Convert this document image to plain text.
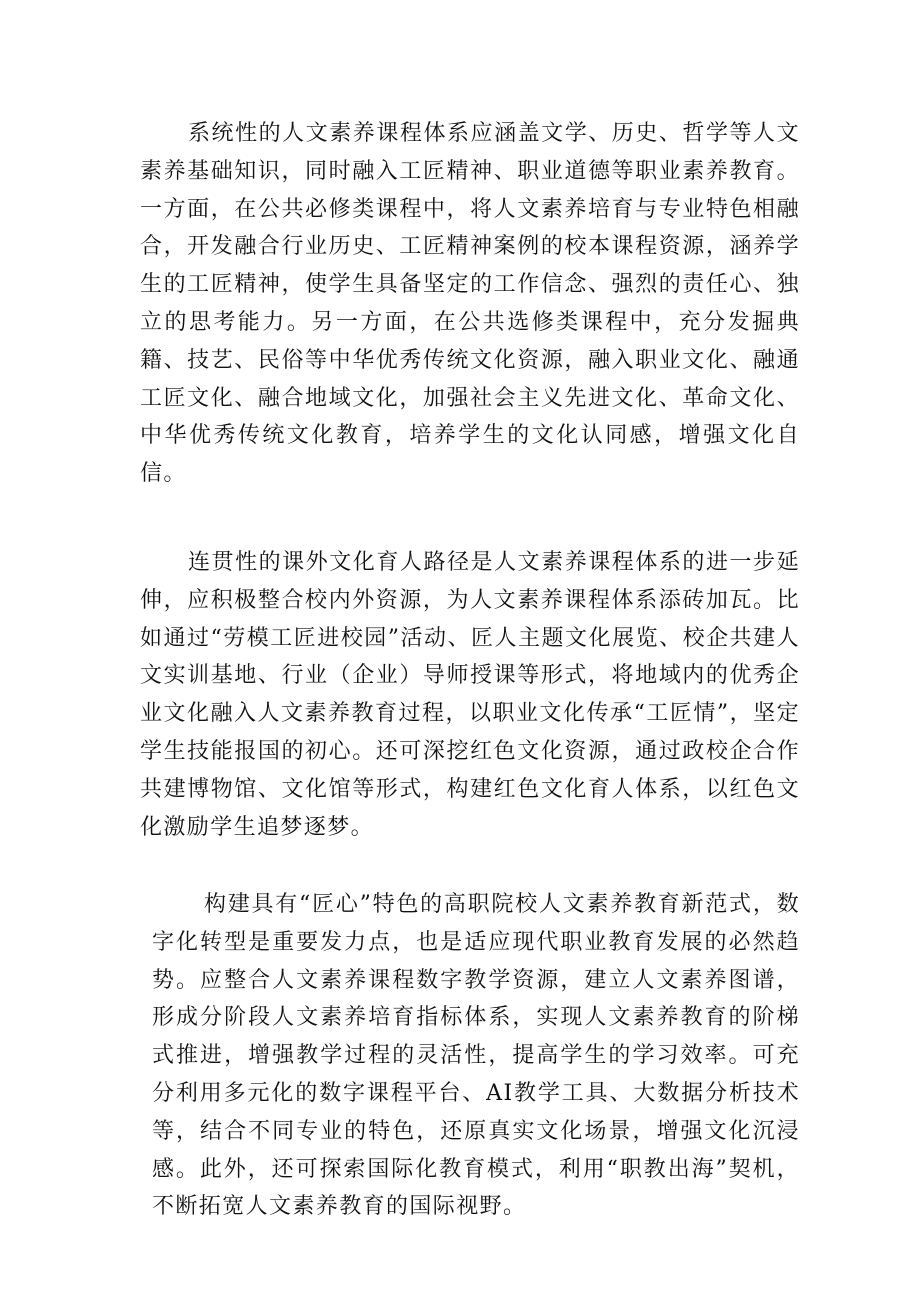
系统性的人文素养课程体系应涵盖文学、历史、哲学等人文素养基础知识，同时融入工匠精神、职业道德等职业素养教育。一方面，在公共必修类课程中，将人文素养培育与专业特色相融合，开发融合行业历史、工匠精神案例的校本课程资源，涵养学生的工匠精神，使学生具备坚定的工作信念、强烈的责任心、独立的思考能力。另一方面，在公共选修类课程中，充分发掘典籍、技艺、民俗等中华优秀传统文化资源，融入职业文化、融通工匠文化、融合地域文化，加强社会主义先进文化、革命文化、中华优秀传统文化教育，培养学生的文化认同感，增强文化自信。

连贯性的课外文化育人路径是人文素养课程体系的进一步延伸，应积极整合校内外资源，为人文素养课程体系添砖加瓦。比如通过“劳模工匠进校园”活动、匠人主题文化展览、校企共建人文实训基地、行业（企业）导师授课等形式，将地域内的优秀企业文化融入人文素养教育过程，以职业文化传承“工匠情”，坚定学生技能报国的初心。还可深挖红色文化资源，通过政校企合作共建博物馆、文化馆等形式，构建红色文化育人体系，以红色文化激励学生追梦逐梦。

构建具有“匠心”特色的高职院校人文素养教育新范式，数字化转型是重要发力点，也是适应现代职业教育发展的必然趋势。应整合人文素养课程数字教学资源，建立人文素养图谱，形成分阶段人文素养培育指标体系，实现人文素养教育的阶梯式推进，增强教学过程的灵活性，提高学生的学习效率。可充分利用多元化的数字课程平台、AI教学工具、大数据分析技术等，结合不同专业的特色，还原真实文化场景，增强文化沉浸感。此外，还可探索国际化教育模式，利用“职教出海”契机，不断拓宽人文素养教育的国际视野。
